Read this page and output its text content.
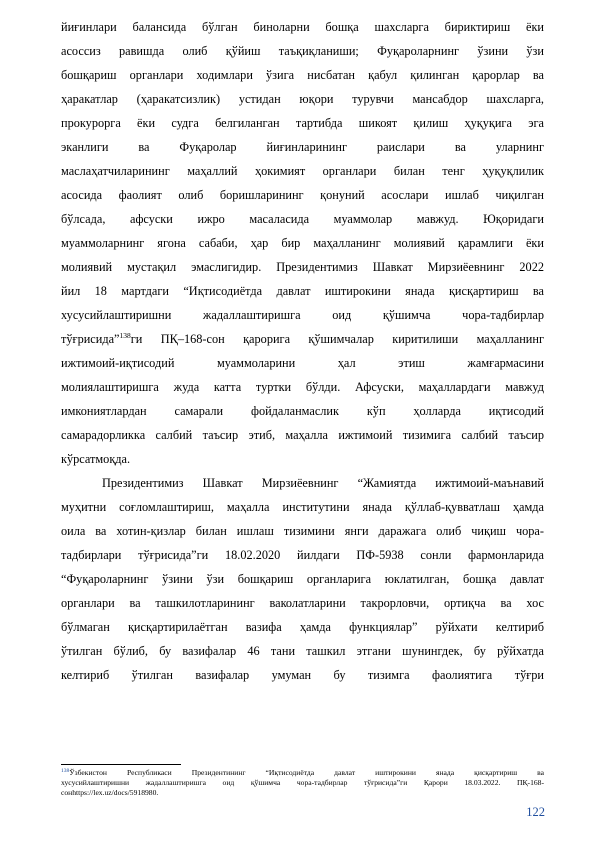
йиғинлари балансида бўлган биноларни бошқа шахсларга бириктириш ёки
асоссиз равишда олиб қўйиш таъқиқланиши; Фуқароларнинг ўзини ўзи
бошқариш органлари ходимлари ўзига нисбатан қабул қилинган қарорлар ва
ҳаракатлар (ҳаракатсизлик) устидан юқори турувчи мансабдор шахсларга,
прокурорга ёки судга белгиланган тартибда шикоят қилиш ҳуқуқига эга
эканлиги ва Фуқаролар йиғинларининг раислари ва уларнинг
маслаҳатчиларининг маҳаллий ҳокимият органлари билан тенг ҳуқуқлилик
асосида фаолият олиб боришларининг қонуний асослари ишлаб чиқилган
бўлсада, афсуски ижро масаласида муаммолар мавжуд. Юқоридаги
муаммоларнинг ягона сабаби, ҳар бир маҳалланинг молиявий қарамлиги ёки
молиявий мустақил эмаслигидир. Президентимиз Шавкат Мирзиёевнинг 2022
йил 18 мартдаги “Иқтисодиётда давлат иштирокини янада қисқартириш ва
хусусийлаштиришни жадаллаштиришга оид қўшимча чора-тадбирлар
тўғрисида”$^{138}$ги ПҚ–168-сон қарорига қўшимчалар киритилиши маҳалланинг
ижтимоий-иқтисодий муаммоларини ҳал этиш жамғармасини
молиялаштиришга жуда катта туртки бўлди. Афсуски, маҳаллардаги мавжуд
имкониятлардан самарали фойдаланмаслик кўп ҳолларда иқтисодий
самарадорликка салбий таъсир этиб, маҳалла ижтимоий тизимига салбий таъсир
кўрсатмоқда.
Президентимиз Шавкат Мирзиёевнинг “Жамиятда ижтимоий-маънавий
муҳитни соғломлаштириш, маҳалла институтини янада қўллаб-қувватлаш ҳамда
оила ва хотин-қизлар билан ишлаш тизимини янги даражага олиб чиқиш чора-
тадбирлари тўғрисида”ги 18.02.2020 йилдаги ПФ-5938 сонли фармонларида
“Фуқароларнинг ўзини ўзи бошқариш органларига юклатилган, бошқа давлат
органлари ва ташкилотларининг ваколатларини такрорловчи, ортиқча ва хос
бўлмаган қисқартирилаётган вазифа ҳамда функциялар” рўйхати келтириб
ўтилган бўлиб, бу вазифалар 46 тани ташкил этгани шунингдек, бу рўйхатда
келтириб ўтилган вазифалар умуман бу тизимга фаолиятига тўғри
$^{138}$Ўзбекистон Республикаси Президентининг “Иқтисодиётда давлат иштирокини янада қисқартириш ва
хусусийлаштиришни жадаллаштиришга оид қўшимча чора-тадбирлар тўғрисида”ги Қарори 18.03.2022. ПҚ-168-
сонhttps://lex.uz/docs/5918980.
122
